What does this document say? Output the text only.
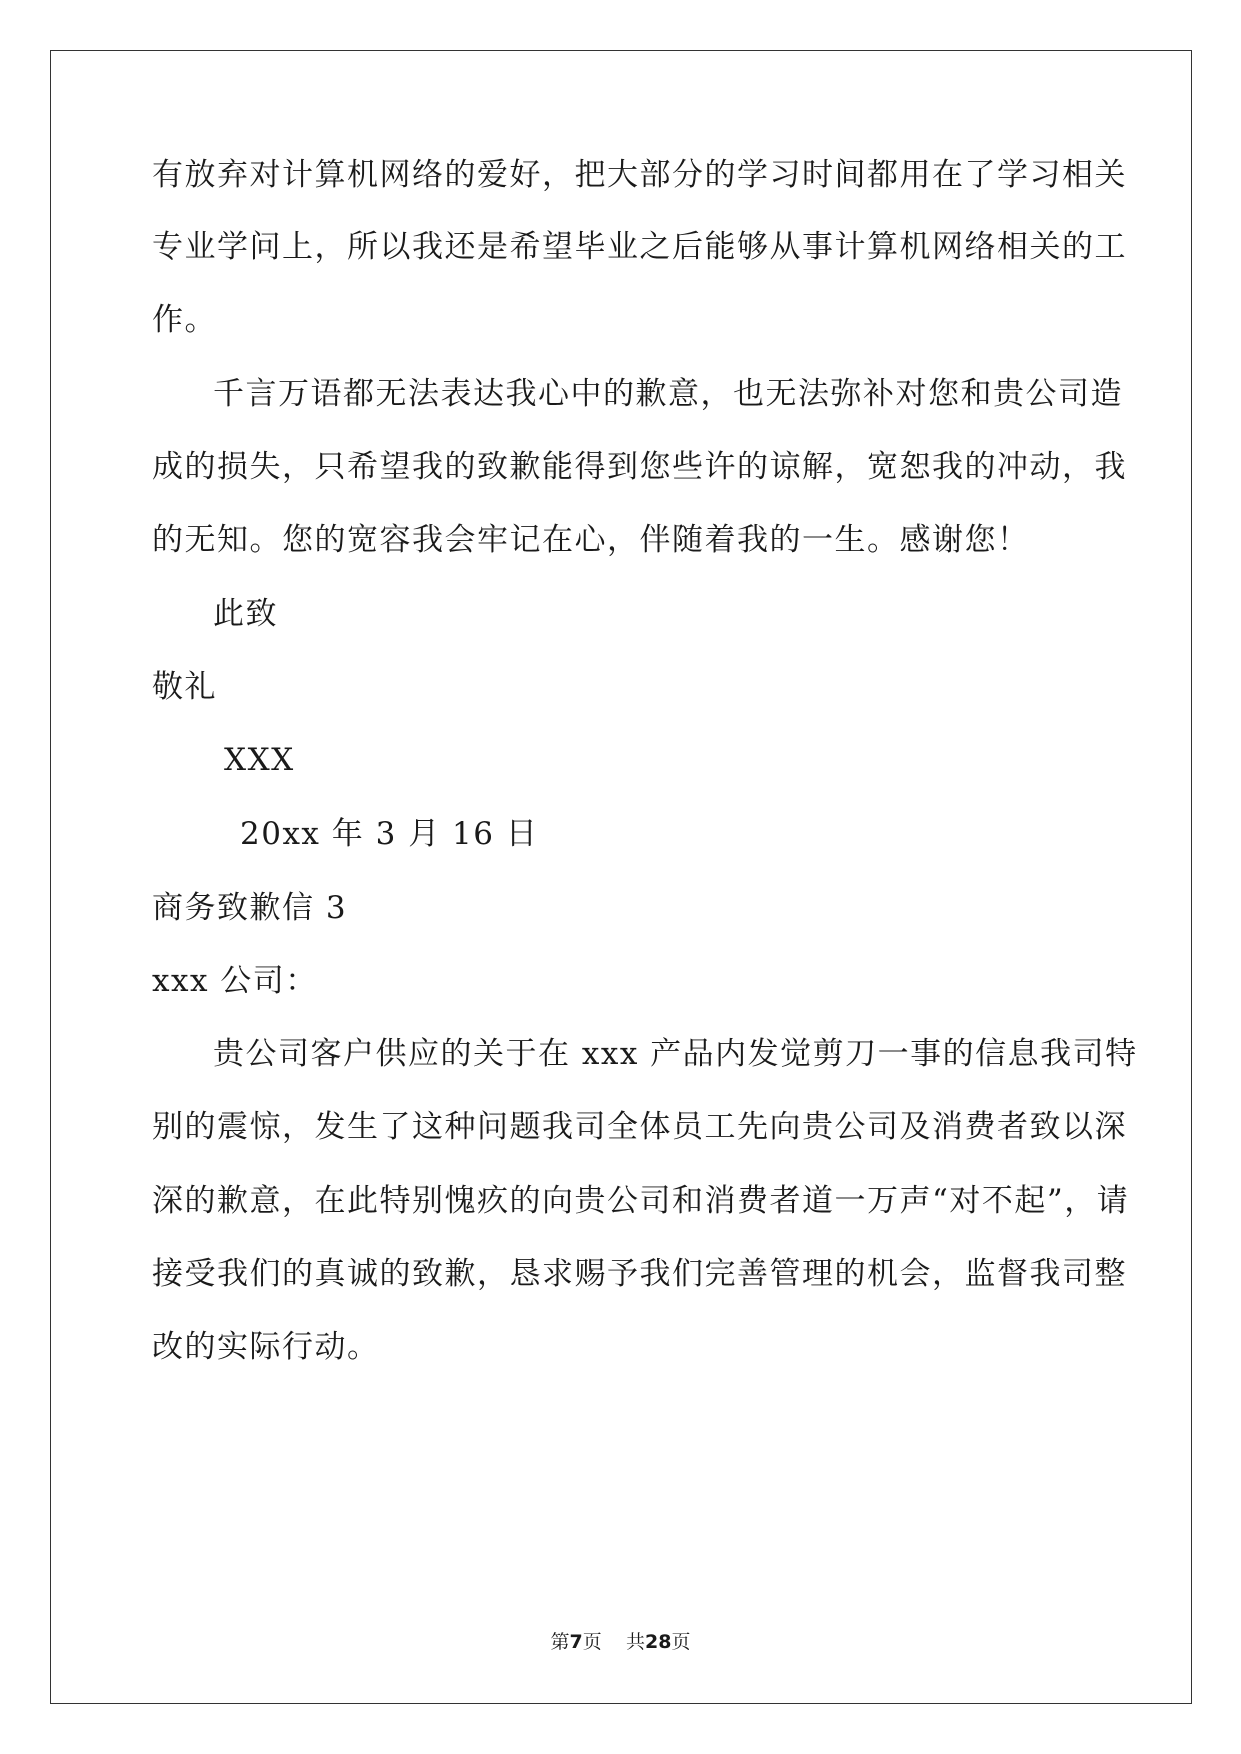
有放弃对计算机网络的爱好，把大部分的学习时间都用在了学习相关
专业学问上，所以我还是希望毕业之后能够从事计算机网络相关的工
作。
千言万语都无法表达我心中的歉意，也无法弥补对您和贵公司造
成的损失，只希望我的致歉能得到您些许的谅解，宽恕我的冲动，我
的无知。您的宽容我会牢记在心，伴随着我的一生。感谢您！
此致
敬礼
XXX
20xx 年 3 月 16 日
商务致歉信 3
xxx 公司：
贵公司客户供应的关于在 xxx 产品内发觉剪刀一事的信息我司特
别的震惊，发生了这种问题我司全体员工先向贵公司及消费者致以深
深的歉意，在此特别愧疚的向贵公司和消费者道一万声“对不起”，请
接受我们的真诚的致歉，恳求赐予我们完善管理的机会，监督我司整
改的实际行动。
第7页 共28页
